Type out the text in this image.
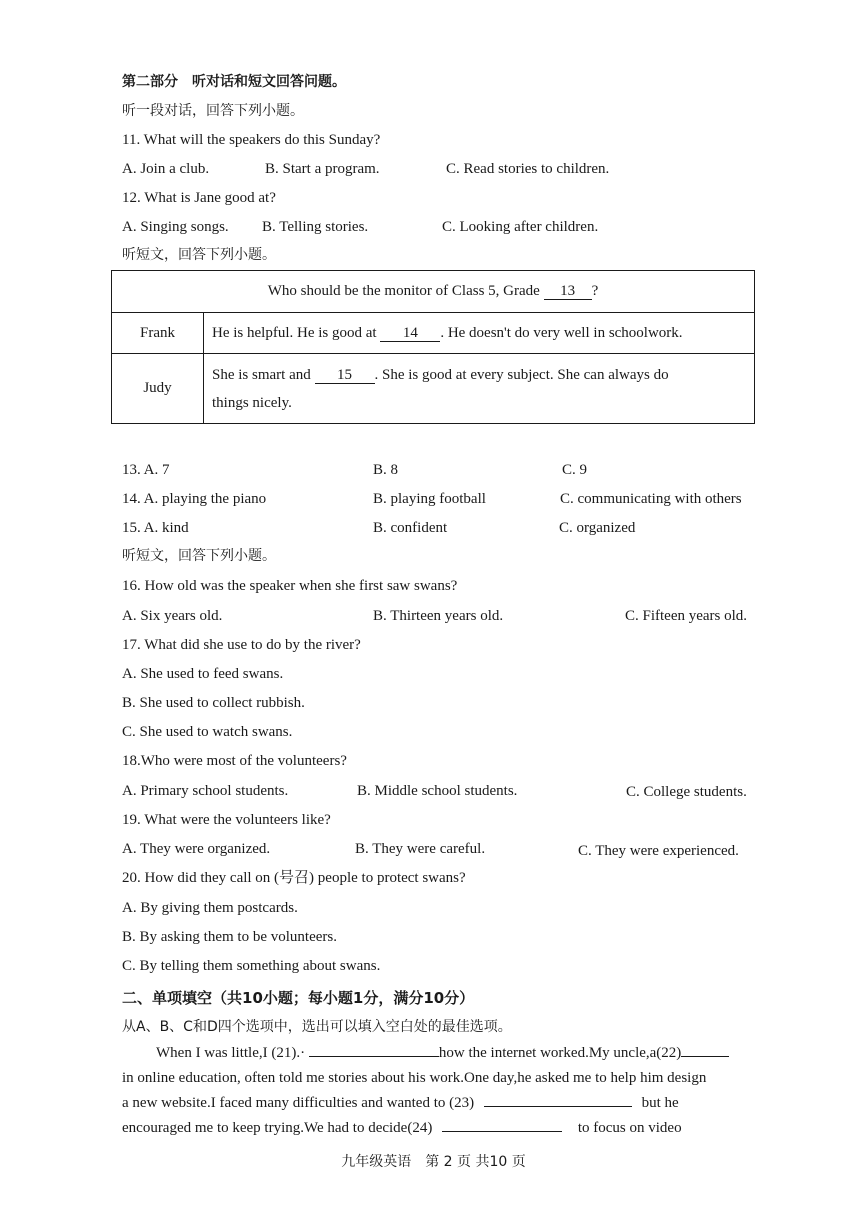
第二部分　听对话和短文回答问题。
听一段对话，回答下列小题。
11. What will the speakers do this Sunday?
A. Join a club.	B. Start a program.	C. Read stories to children.
12. What is Jane good at?
A. Singing songs. B. Telling stories.	C. Looking after children.
听短文，回答下列小题。
Who should be the monitor of Class 5, Grade 13 ?	
Frank	He is helpful. He is good at 14 . He doesn't do very well in schoolwork.
Judy	She is smart and 15 . She is good at every subject. She can always do
things nicely.
13. A. 7	B. 8	C. 9
14. A. playing the piano	B. playing football	C. communicating with others
15. A. kind	B. confident	C. organized
听短文，回答下列小题。
16. How old was the speaker when she first saw swans?
A. Six years old.	B. Thirteen years old.	C. Fifteen years old.
17. What did she use to do by the river?
A. She used to feed swans.
B. She used to collect rubbish.
C. She used to watch swans.
18.Who were most of the volunteers?
A. Primary school students.	B. Middle school students.	C. College students.
19. What were the volunteers like?
A. They were organized.	B. They were careful.	C. They were experienced.
20. How did they call on (号召) people to protect swans?
A. By giving them postcards.
B. By asking them to be volunteers.
C. By telling them something about swans.
二、单项填空（共10小题；每小题1分，满分10分）
从A、B、C和D四个选项中，选出可以填入空白处的最佳选项。
When I was little,I (21).·	how the internet worked.My uncle,a(22)
in online education, often told me stories about his work.One day,he asked me to help him design
a new website.I faced many difficulties and wanted to (23)	but he
encouraged me to keep trying.We had to decide(24)	to focus on video
九年级英语　第 2 页 共10 页
